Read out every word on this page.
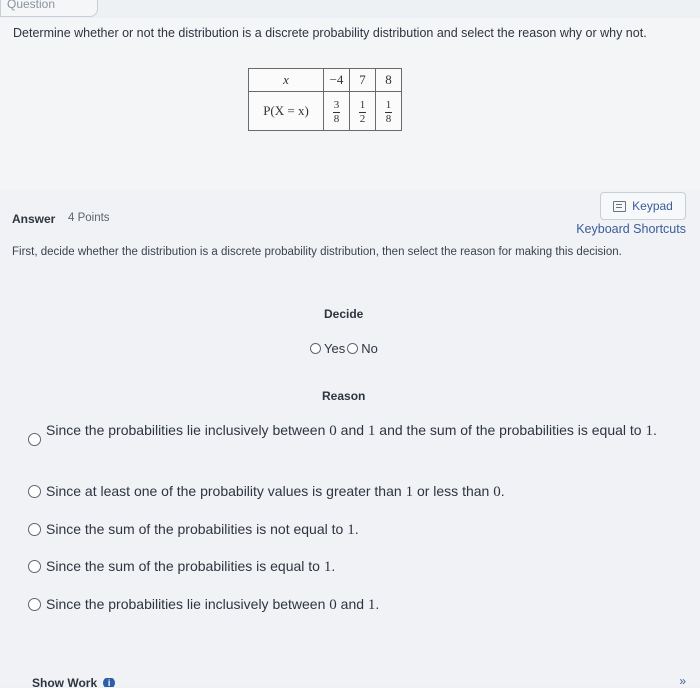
Question
Determine whether or not the distribution is a discrete probability distribution and select the reason why or why not.
x	−4	7	8
P(X = x)	$\frac{3}{8}$	$\frac{1}{2}$	$\frac{1}{8}$
Answer 4 Points
Keypad
Keyboard Shortcuts
First, decide whether the distribution is a discrete probability distribution, then select the reason for making this decision.
Decide
Yes No
Reason
Since the probabilities lie inclusively between 0 and 1 and the sum of the probabilities is equal to 1.
Since at least one of the probability values is greater than 1 or less than 0.
Since the sum of the probabilities is not equal to 1.
Since the sum of the probabilities is equal to 1.
Since the probabilities lie inclusively between 0 and 1.
Show Work	i	»
